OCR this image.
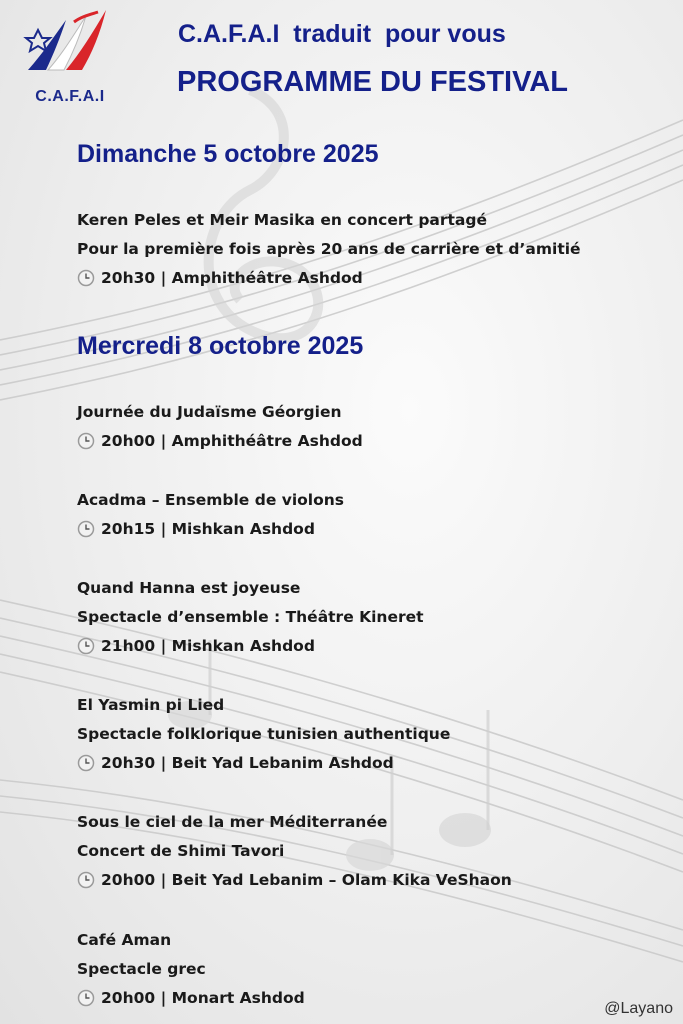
C.A.F.A.I
C.A.F.A.I  traduit  pour vous
PROGRAMME DU FESTIVAL
Dimanche 5 octobre 2025
Keren Peles et Meir Masika en concert partagé
Pour la première fois après 20 ans de carrière et d’amitié
20h30 | Amphithéâtre Ashdod
Mercredi 8 octobre 2025
Journée du Judaïsme Géorgien
20h00 | Amphithéâtre Ashdod
Acadma – Ensemble de violons
20h15 | Mishkan Ashdod
Quand Hanna est joyeuse
Spectacle d’ensemble : Théâtre Kineret
21h00 | Mishkan Ashdod
El Yasmin pi Lied
Spectacle folklorique tunisien authentique
20h30 | Beit Yad Lebanim Ashdod
Sous le ciel de la mer Méditerranée
Concert de Shimi Tavori
20h00 | Beit Yad Lebanim – Olam Kika VeShaon
Café Aman
Spectacle grec
20h00 | Monart Ashdod
@Layano
